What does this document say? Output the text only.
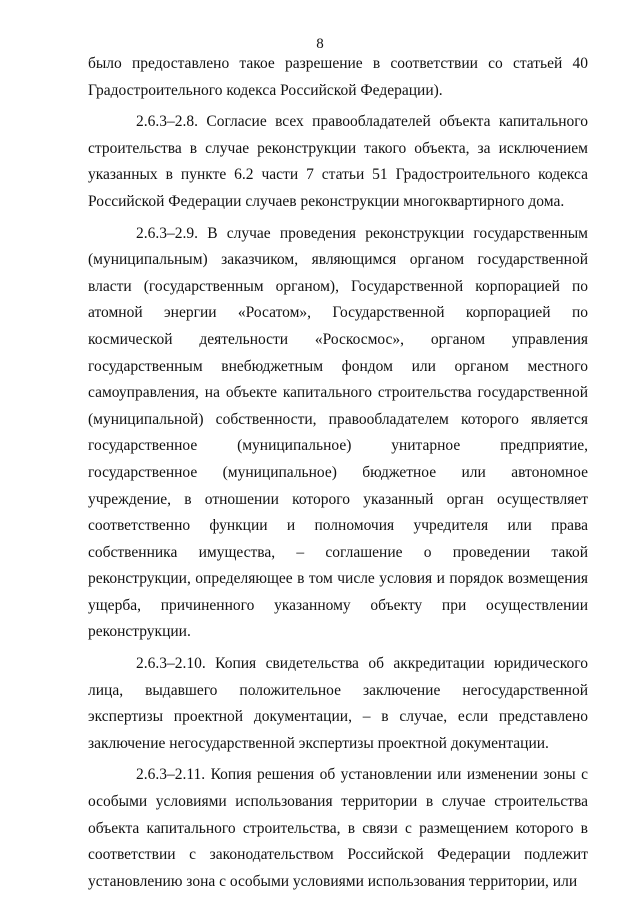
8

было предоставлено такое разрешение в соответствии со статьей 40 Градостроительного кодекса Российской Федерации).

2.6.3–2.8. Согласие всех правообладателей объекта капитального строительства в случае реконструкции такого объекта, за исключением указанных в пункте 6.2 части 7 статьи 51 Градостроительного кодекса Российской Федерации случаев реконструкции многоквартирного дома.

2.6.3–2.9. В случае проведения реконструкции государственным (муниципальным) заказчиком, являющимся органом государственной власти (государственным органом), Государственной корпорацией по атомной энергии «Росатом», Государственной корпорацией по космической деятельности «Роскосмос», органом управления государственным внебюджетным фондом или органом местного самоуправления, на объекте капитального строительства государственной (муниципальной) собственности, правообладателем которого является государственное (муниципальное) унитарное предприятие, государственное (муниципальное) бюджетное или автономное учреждение, в отношении которого указанный орган осуществляет соответственно функции и полномочия учредителя или права собственника имущества, – соглашение о проведении такой реконструкции, определяющее в том числе условия и порядок возмещения ущерба, причиненного указанному объекту при осуществлении реконструкции.

2.6.3–2.10. Копия свидетельства об аккредитации юридического лица, выдавшего положительное заключение негосударственной экспертизы проектной документации, – в случае, если представлено заключение негосударственной экспертизы проектной документации.

2.6.3–2.11. Копия решения об установлении или изменении зоны с особыми условиями использования территории в случае строительства объекта капитального строительства, в связи с размещением которого в соответствии с законодательством Российской Федерации подлежит установлению зона с особыми условиями использования территории, или
